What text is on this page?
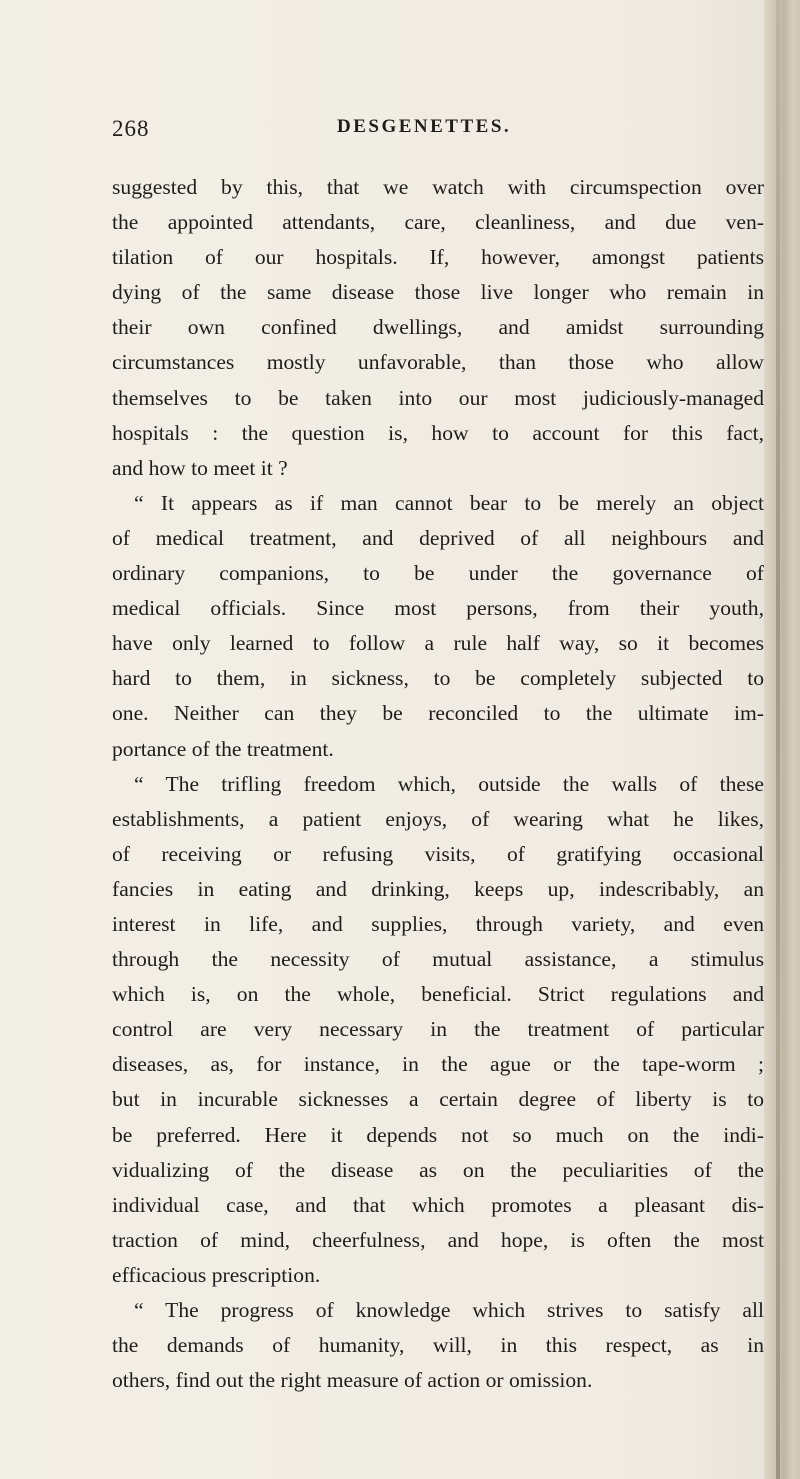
268	DESGENETTES.
suggested by this, that we watch with circumspection over
the appointed attendants, care, cleanliness, and due ven-
tilation of our hospitals. If, however, amongst patients
dying of the same disease those live longer who remain in
their own confined dwellings, and amidst surrounding
circumstances mostly unfavorable, than those who allow
themselves to be taken into our most judiciously-managed
hospitals : the question is, how to account for this fact,
and how to meet it ?
“ It appears as if man cannot bear to be merely an object
of medical treatment, and deprived of all neighbours and
ordinary companions, to be under the governance of
medical officials. Since most persons, from their youth,
have only learned to follow a rule half way, so it becomes
hard to them, in sickness, to be completely subjected to
one. Neither can they be reconciled to the ultimate im-
portance of the treatment.
“ The trifling freedom which, outside the walls of these
establishments, a patient enjoys, of wearing what he likes,
of receiving or refusing visits, of gratifying occasional
fancies in eating and drinking, keeps up, indescribably, an
interest in life, and supplies, through variety, and even
through the necessity of mutual assistance, a stimulus
which is, on the whole, beneficial. Strict regulations and
control are very necessary in the treatment of particular
diseases, as, for instance, in the ague or the tape-worm ;
but in incurable sicknesses a certain degree of liberty is to
be preferred. Here it depends not so much on the indi-
vidualizing of the disease as on the peculiarities of the
individual case, and that which promotes a pleasant dis-
traction of mind, cheerfulness, and hope, is often the most
efficacious prescription.
“ The progress of knowledge which strives to satisfy all
the demands of humanity, will, in this respect, as in
others, find out the right measure of action or omission.
